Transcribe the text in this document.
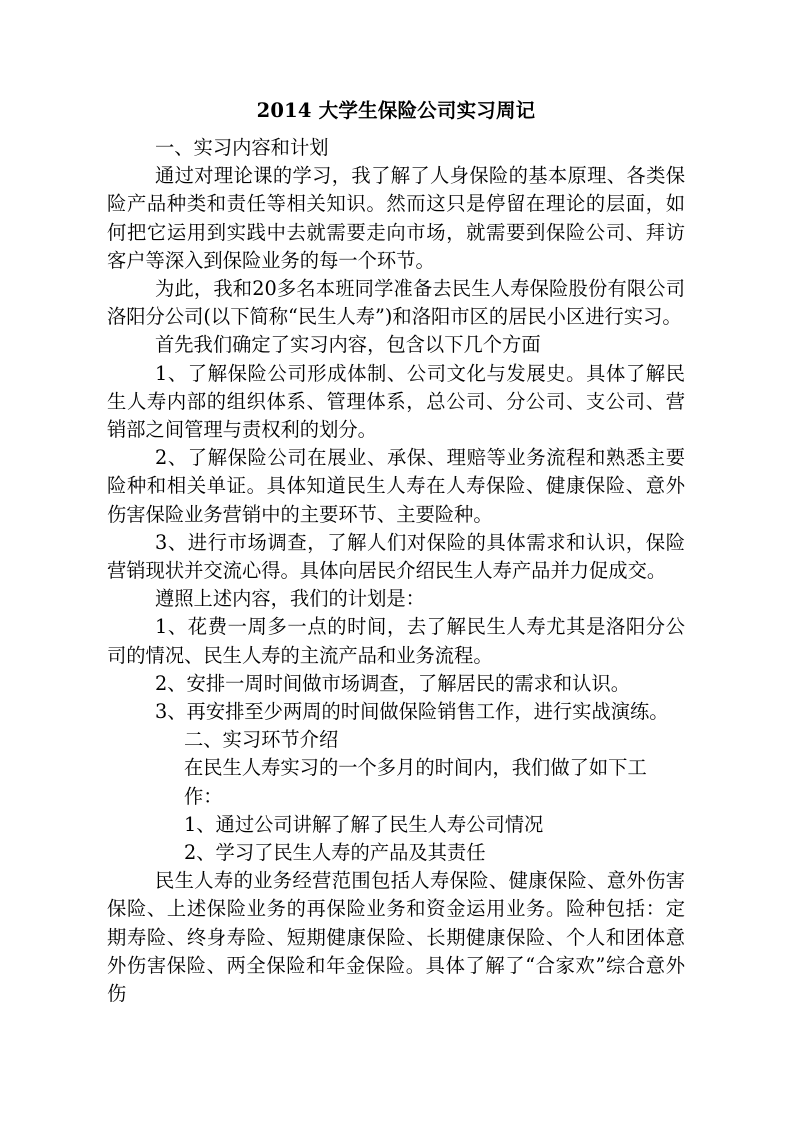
2014 大学生保险公司实习周记

一、实习内容和计划

通过对理论课的学习，我了解了人身保险的基本原理、各类保险产品种类和责任等相关知识。然而这只是停留在理论的层面，如何把它运用到实践中去就需要走向市场，就需要到保险公司、拜访客户等深入到保险业务的每一个环节。

为此，我和20多名本班同学准备去民生人寿保险股份有限公司洛阳分公司(以下简称“民生人寿”)和洛阳市区的居民小区进行实习。

首先我们确定了实习内容，包含以下几个方面

1、了解保险公司形成体制、公司文化与发展史。具体了解民生人寿内部的组织体系、管理体系，总公司、分公司、支公司、营销部之间管理与责权利的划分。

2、了解保险公司在展业、承保、理赔等业务流程和熟悉主要险种和相关单证。具体知道民生人寿在人寿保险、健康保险、意外伤害保险业务营销中的主要环节、主要险种。

3、进行市场调查，了解人们对保险的具体需求和认识，保险营销现状并交流心得。具体向居民介绍民生人寿产品并力促成交。

遵照上述内容，我们的计划是：

1、花费一周多一点的时间，去了解民生人寿尤其是洛阳分公司的情况、民生人寿的主流产品和业务流程。

2、安排一周时间做市场调查，了解居民的需求和认识。

3、再安排至少两周的时间做保险销售工作，进行实战演练。

二、实习环节介绍

在民生人寿实习的一个多月的时间内，我们做了如下工作：

1、通过公司讲解了解了民生人寿公司情况

2、学习了民生人寿的产品及其责任

民生人寿的业务经营范围包括人寿保险、健康保险、意外伤害保险、上述保险业务的再保险业务和资金运用业务。险种包括：定期寿险、终身寿险、短期健康保险、长期健康保险、个人和团体意外伤害保险、两全保险和年金保险。具体了解了“合家欢”综合意外伤
